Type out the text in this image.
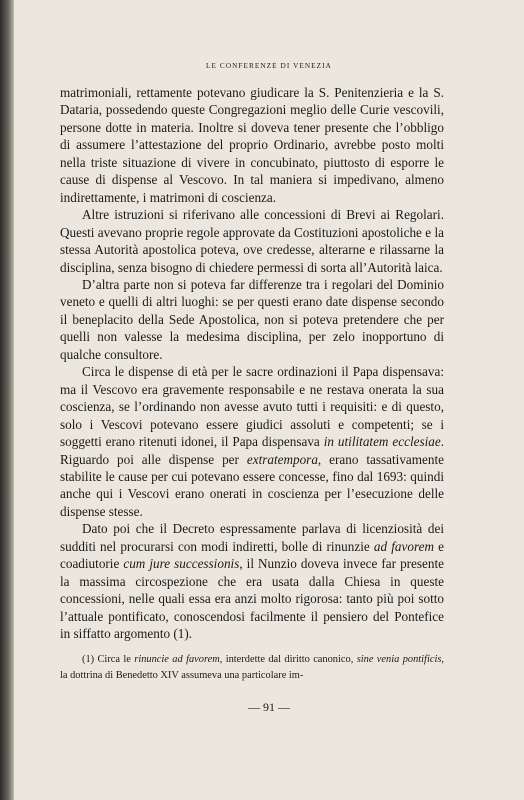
LE CONFERENZE DI VENEZIA

matrimoniali, rettamente potevano giudicare la S. Penitenzieria e la S. Dataria, possedendo queste Congregazioni meglio delle Curie vescovili, persone dotte in materia. Inoltre si doveva tener presente che l’obbligo di assumere l’attestazione del proprio Ordinario, avrebbe posto molti nella triste situazione di vivere in concubinato, piuttosto di esporre le cause di dispense al Vescovo. In tal maniera si impedivano, almeno indirettamente, i matrimoni di coscienza.

Altre istruzioni si riferivano alle concessioni di Brevi ai Regolari. Questi avevano proprie regole approvate da Costituzioni apostoliche e la stessa Autorità apostolica poteva, ove credesse, alterarne e rilassarne la disciplina, senza bisogno di chiedere permessi di sorta all’Autorità laica.

D’altra parte non si poteva far differenze tra i regolari del Dominio veneto e quelli di altri luoghi: se per questi erano date dispense secondo il beneplacito della Sede Apostolica, non si poteva pretendere che per quelli non valesse la medesima disciplina, per zelo inopportuno di qualche consultore.

Circa le dispense di età per le sacre ordinazioni il Papa dispensava: ma il Vescovo era gravemente responsabile e ne restava onerata la sua coscienza, se l’ordinando non avesse avuto tutti i requisiti: e di questo, solo i Vescovi potevano essere giudici assoluti e competenti; se i soggetti erano ritenuti idonei, il Papa dispensava in utilitatem ecclesiae. Riguardo poi alle dispense per extratempora, erano tassativamente stabilite le cause per cui potevano essere concesse, fino dal 1693: quindi anche qui i Vescovi erano onerati in coscienza per l’esecuzione delle dispense stesse.

Dato poi che il Decreto espressamente parlava di licenziosità dei sudditi nel procurarsi con modi indiretti, bolle di rinunzie ad favorem e coadiutorie cum jure successionis, il Nunzio doveva invece far presente la massima circospezione che era usata dalla Chiesa in queste concessioni, nelle quali essa era anzi molto rigorosa: tanto più poi sotto l’attuale pontificato, conoscendosi facilmente il pensiero del Pontefice in siffatto argomento (1).

(1) Circa le rinuncie ad favorem, interdette dal diritto canonico, sine venia pontificis, la dottrina di Benedetto XIV assumeva una particolare im-

— 91 —
